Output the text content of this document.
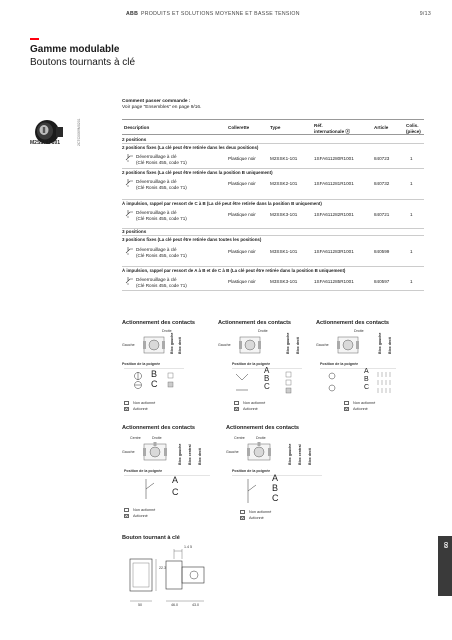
ABB PRODUITS ET SOLUTIONS MOYENNE ET BASSE TENSION	9/13
Gamme modulable
Boutons tournants à clé
2CTC0069M0201
M2SSK1-101
Comment passer commande :
Voir page "Ensembles" en page 9/16.
Description	Collerette	Type	Réf.
internationale ⓔ
Article	Colis.
(pièce)
2 positions
2 positions fixes (La clé peut être retirée dans les deux positions)
Déverrouillage à clé
(Clé Ronis 455, code 71)
Plastique noir	M2SSK1-101	1SFA611280R1001	840723	1
2 positions fixes (La clé peut être retirée dans la position B uniquement)
Déverrouillage à clé
(Clé Ronis 455, code 71)
Plastique noir	M2SSK2-101	1SFA611281R1001	840732	1
À impulsion, rappel par ressort de C à B (La clé peut être retirée dans la position B uniquement)
Déverrouillage à clé
(Clé Ronis 455, code 71)
Plastique noir	M2SSK3-101	1SFA611282R1001	840721	1
3 positions
3 positions fixes (La clé peut être retirée dans toutes les positions)
Déverrouillage à clé
(Clé Ronis 455, code 71)
Plastique noir	M3SSK1-101	1SFA611283R1001	840599	1
À impulsion, rappel par ressort de A à B et de C à B (La clé peut être retirée dans la position B uniquement)
Déverrouillage à clé
(Clé Ronis 455, code 71)
Plastique noir	M3SSK3-101	1SFA611285R1001	840597	1
Actionnement des contacts
Droite
Gauche	Bloc gauche Bloc droit
Position de la poignée
B
C
Non actionné
Actionné
Actionnement des contacts
Droite
Gauche	Bloc gauche Bloc droit
Position de la poignée
A
B
C
Non actionné
Actionné
Actionnement des contacts
Droite
Gauche	Bloc gauche Bloc droit
Position de la poignée
A
B
C
Non actionné
Actionné
Actionnement des contacts
Centre	Droite
Gauche	Bloc gauche Bloc central Bloc droit
Position de la poignée
A
C
Non actionné
Actionné
Actionnement des contacts
Centre	Droite
Gauche	Bloc gauche Bloc central Bloc droit
Position de la poignée
A
B
C
Non actionné
Actionné
Bouton tournant à clé
1.4 5
22.3
46.0	43.0
50
09
